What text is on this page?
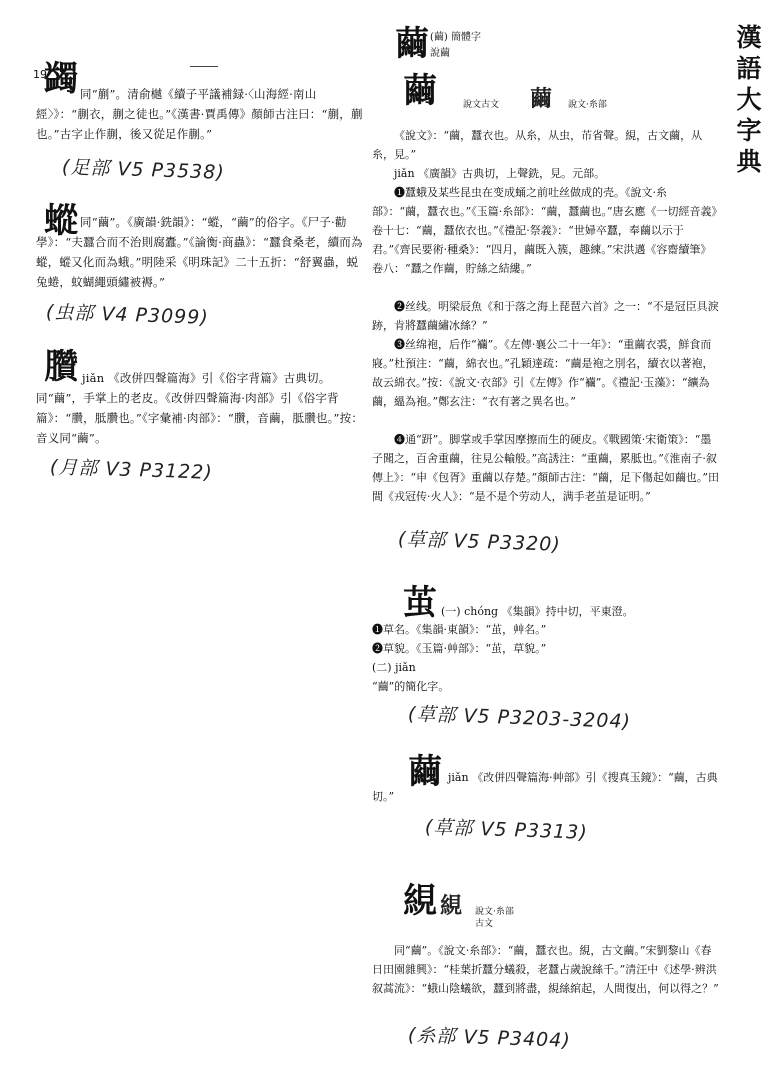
漢
語
大
字
典
19
蠲 同“蒯”。清俞樾《續子平議補録·〈山海經·南山經〉》：“蒯衣，蒯之徒也。”《漢書·賈禹傳》顏師古注曰：“蒯，蒯也。”古字止作蒯，後又從足作蒯。”
(足部 V5 P3538)
䗥 同“繭”。《廣韻·銑韻》：“䗥，“繭”的俗字。《尸子·勸學》：“夫蠶合而不治則腐蠹。”《論衡·商蟲》：“蠶食桑老，續而為䗥，䗥又化而為蛾。”明陸采《明珠記》二十五折：“舒翼蟲，蜕兔蜷，蚊蝴繩頭繡被褥。”
(虫部 V4 P3099)
臢 jiǎn 《改併四聲篇海》引《俗字背篇》古典切。同“繭”，手掌上的老皮。《改併四聲篇海·肉部》引《俗字背篇》：“臢，胝臢也。”《字彙補·肉部》：“臢，音繭，胝臢也。”按：音义同“繭”。
(月部 V3 P3122)
繭 (繭) 簡體字
說繭
繭	說文古文 繭 說文·糸部
《說文》：“繭，蠶衣也。从糸，从虫，芇省聲。絸，古文繭，从糸，見。”
jiǎn 《廣韻》古典切，上聲銑，見。元部。
❶蠶蛾及某些昆虫在变成蛹之前吐丝做成的壳。《說文·糸部》：“繭，蠶衣也。”《玉篇·糸部》：“繭，蠶繭也。”唐玄應《一切經音義》卷十七：“繭，蠶依衣也。”《禮記·祭義》：“世婦卒蠶，奉繭以示于君。”《齊民要術·種桑》：“四月，繭既入簇，趣練。”宋洪邁《容齋續筆》卷八：“蠶之作繭，貯絲之結縷。”
❷丝线。明梁辰魚《和于落之海上琵琶六首》之一：“不是冠臣具淚跡，肯將蠶繭繡冰絲？”
❸丝绵袍，后作“襺”。《左傳·襄公二十一年》：“重繭衣裘，鮮食而寢。”杜預注：“繭，綿衣也。”孔穎達疏：“繭是袍之別名，續衣以著袍，故云綿衣。”按：《說文·衣部》引《左傳》作“襺”。《禮記·玉藻》：“纊為繭，縕為袍。”鄭玄注：“衣有著之異名也。”
❹通“趼”。脚掌或手掌因摩擦而生的硬皮。《戰國策·宋衛策》：“墨子聞之，百舍重繭，往見公輸般。”高誘注：“重繭，累胝也。”《淮南子·叙傳上》：“申《包胥》重繭以存楚。”顏師古注：“繭，足下傷起如繭也。”田間《戎冠传·火人》：“是不是个劳动人，满手老茧是证明。”
(草部 V5 P3320)
茧 (一) chóng 《集韻》持中切，平東澄。
❶草名。《集韻·東韻》：“茧，艸名。”
❷草貌。《玉篇·艸部》：“茧，草貌。”
(二) jiǎn
“繭”的簡化字。
(草部 V5 P3203-3204)
繭 jiǎn 《改併四聲篇海·艸部》引《搜真玉鏡》：“繭，古典切。”
(草部 V5 P3313)
絸 絸 說文·糸部
古文
同“繭”。《說文·糸部》：“繭，蠶衣也。絸，古文繭。”宋劉黎山《春日田園雜興》：“桂葉折蠶分蟻殺，老蠶占歲說絲千。”清汪中《述學·辨洪叙蒿流》：“蛾山陰蟻欲，蠶到將盡，絸絲綰起，人間復出，何以得之？”
(糸部 V5 P3404)
